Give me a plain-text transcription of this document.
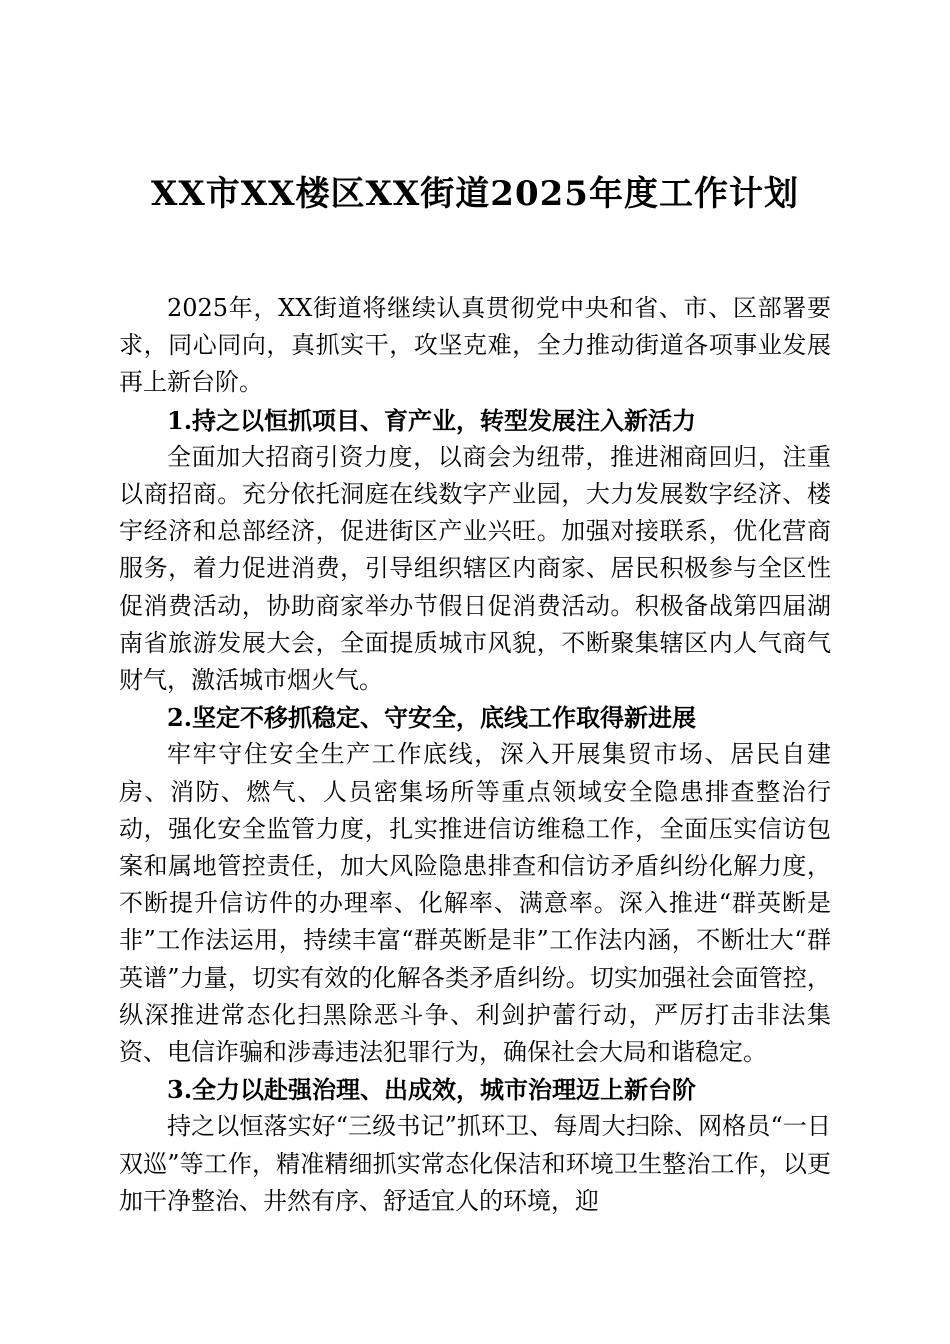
XX市XX楼区XX街道2025年度工作计划

2025年，XX街道将继续认真贯彻党中央和省、市、区部署要求，同心同向，真抓实干，攻坚克难，全力推动街道各项事业发展再上新台阶。

1.持之以恒抓项目、育产业，转型发展注入新活力

全面加大招商引资力度，以商会为纽带，推进湘商回归，注重以商招商。充分依托洞庭在线数字产业园，大力发展数字经济、楼宇经济和总部经济，促进街区产业兴旺。加强对接联系，优化营商服务，着力促进消费，引导组织辖区内商家、居民积极参与全区性促消费活动，协助商家举办节假日促消费活动。积极备战第四届湖南省旅游发展大会，全面提质城市风貌，不断聚集辖区内人气商气财气，激活城市烟火气。

2.坚定不移抓稳定、守安全，底线工作取得新进展

牢牢守住安全生产工作底线，深入开展集贸市场、居民自建房、消防、燃气、人员密集场所等重点领域安全隐患排查整治行动，强化安全监管力度，扎实推进信访维稳工作，全面压实信访包案和属地管控责任，加大风险隐患排查和信访矛盾纠纷化解力度，不断提升信访件的办理率、化解率、满意率。深入推进“群英断是非”工作法运用，持续丰富“群英断是非”工作法内涵，不断壮大“群英谱”力量，切实有效的化解各类矛盾纠纷。切实加强社会面管控，纵深推进常态化扫黑除恶斗争、利剑护蕾行动，严厉打击非法集资、电信诈骗和涉毒违法犯罪行为，确保社会大局和谐稳定。

3.全力以赴强治理、出成效，城市治理迈上新台阶

持之以恒落实好“三级书记”抓环卫、每周大扫除、网格员“一日双巡”等工作，精准精细抓实常态化保洁和环境卫生整治工作，以更加干净整治、井然有序、舒适宜人的环境，迎
